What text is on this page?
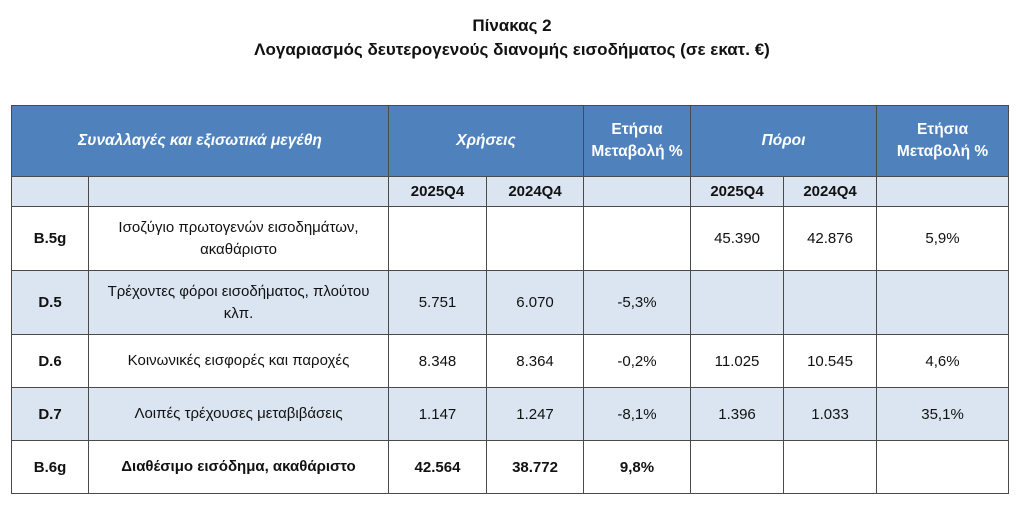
Πίνακας 2
Λογαριασμός δευτερογενούς διανομής εισοδήματος (σε εκατ. €)
Συναλλαγές και εξισωτικά μεγέθη		Χρήσεις		Ετήσια Μεταβολή %	Πόροι		Ετήσια Μεταβολή %
		2025Q4	2024Q4		2025Q4	2024Q4	
B.5g	Ισοζύγιο πρωτογενών εισοδημάτων, ακαθάριστο				45.390	42.876	5,9%
D.5	Τρέχοντες φόροι εισοδήματος, πλούτου κλπ.	5.751	6.070	-5,3%			
D.6	Κοινωνικές εισφορές και παροχές	8.348	8.364	-0,2%	11.025	10.545	4,6%
D.7	Λοιπές τρέχουσες μεταβιβάσεις	1.147	1.247	-8,1%	1.396	1.033	35,1%
B.6g	Διαθέσιμο εισόδημα, ακαθάριστο	42.564	38.772	9,8%			
